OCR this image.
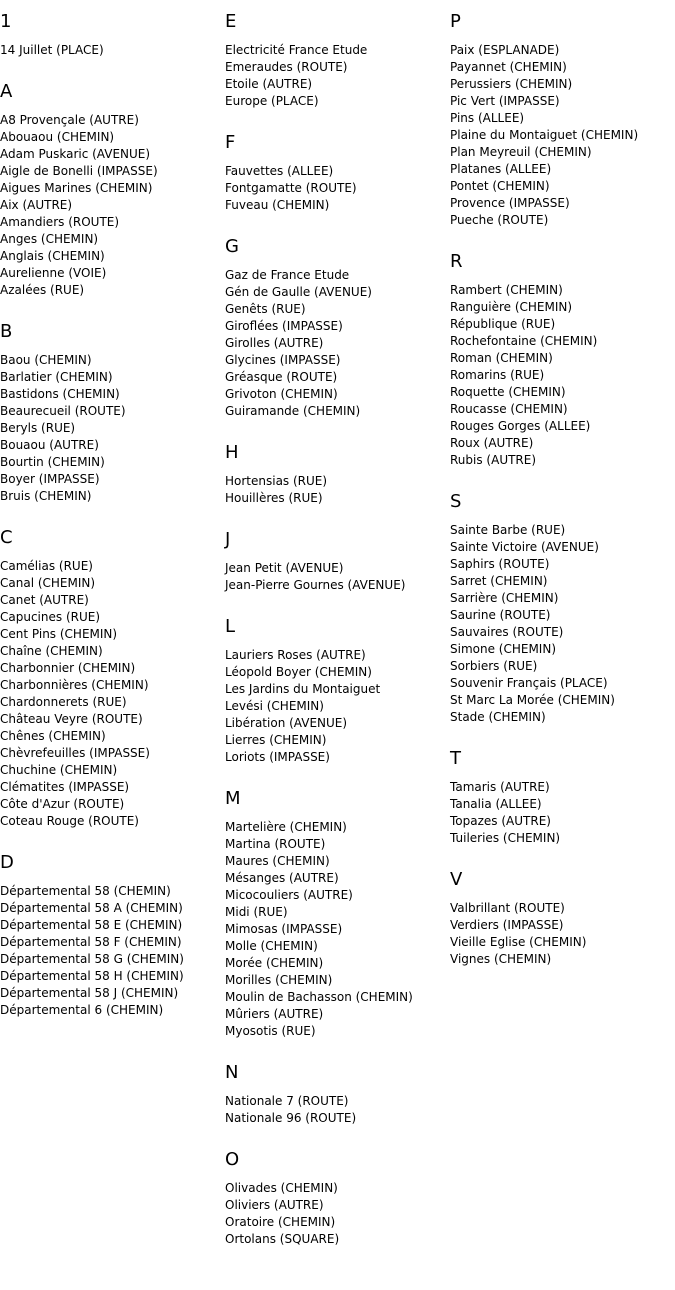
1
14 Juillet (PLACE)
A
A8 Provençale (AUTRE)
Abouaou (CHEMIN)
Adam Puskaric (AVENUE)
Aigle de Bonelli (IMPASSE)
Aigues Marines (CHEMIN)
Aix (AUTRE)
Amandiers (ROUTE)
Anges (CHEMIN)
Anglais (CHEMIN)
Aurelienne (VOIE)
Azalées (RUE)
B
Baou (CHEMIN)
Barlatier (CHEMIN)
Bastidons (CHEMIN)
Beaurecueil (ROUTE)
Beryls (RUE)
Bouaou (AUTRE)
Bourtin (CHEMIN)
Boyer (IMPASSE)
Bruis (CHEMIN)
C
Camélias (RUE)
Canal (CHEMIN)
Canet (AUTRE)
Capucines (RUE)
Cent Pins (CHEMIN)
Chaîne (CHEMIN)
Charbonnier (CHEMIN)
Charbonnières (CHEMIN)
Chardonnerets (RUE)
Château Veyre (ROUTE)
Chênes (CHEMIN)
Chèvrefeuilles (IMPASSE)
Chuchine (CHEMIN)
Clématites (IMPASSE)
Côte d'Azur (ROUTE)
Coteau Rouge (ROUTE)
D
Départemental 58 (CHEMIN)
Départemental 58 A (CHEMIN)
Départemental 58 E (CHEMIN)
Départemental 58 F (CHEMIN)
Départemental 58 G (CHEMIN)
Départemental 58 H (CHEMIN)
Départemental 58 J (CHEMIN)
Départemental 6 (CHEMIN)
E
Electricité France Etude
Emeraudes (ROUTE)
Etoile (AUTRE)
Europe (PLACE)
F
Fauvettes (ALLEE)
Fontgamatte (ROUTE)
Fuveau (CHEMIN)
G
Gaz de France Etude
Gén de Gaulle (AVENUE)
Genêts (RUE)
Giroflées (IMPASSE)
Girolles (AUTRE)
Glycines (IMPASSE)
Gréasque (ROUTE)
Grivoton (CHEMIN)
Guiramande (CHEMIN)
H
Hortensias (RUE)
Houillères (RUE)
J
Jean Petit (AVENUE)
Jean-Pierre Gournes (AVENUE)
L
Lauriers Roses (AUTRE)
Léopold Boyer (CHEMIN)
Les Jardins du Montaiguet
Levési (CHEMIN)
Libération (AVENUE)
Lierres (CHEMIN)
Loriots (IMPASSE)
M
Martelière (CHEMIN)
Martina (ROUTE)
Maures (CHEMIN)
Mésanges (AUTRE)
Micocouliers (AUTRE)
Midi (RUE)
Mimosas (IMPASSE)
Molle (CHEMIN)
Morée (CHEMIN)
Morilles (CHEMIN)
Moulin de Bachasson (CHEMIN)
Mûriers (AUTRE)
Myosotis (RUE)
N
Nationale 7 (ROUTE)
Nationale 96 (ROUTE)
O
Olivades (CHEMIN)
Oliviers (AUTRE)
Oratoire (CHEMIN)
Ortolans (SQUARE)
P
Paix (ESPLANADE)
Payannet (CHEMIN)
Perussiers (CHEMIN)
Pic Vert (IMPASSE)
Pins (ALLEE)
Plaine du Montaiguet (CHEMIN)
Plan Meyreuil (CHEMIN)
Platanes (ALLEE)
Pontet (CHEMIN)
Provence (IMPASSE)
Pueche (ROUTE)
R
Rambert (CHEMIN)
Ranguière (CHEMIN)
République (RUE)
Rochefontaine (CHEMIN)
Roman (CHEMIN)
Romarins (RUE)
Roquette (CHEMIN)
Roucasse (CHEMIN)
Rouges Gorges (ALLEE)
Roux (AUTRE)
Rubis (AUTRE)
S
Sainte Barbe (RUE)
Sainte Victoire (AVENUE)
Saphirs (ROUTE)
Sarret (CHEMIN)
Sarrière (CHEMIN)
Saurine (ROUTE)
Sauvaires (ROUTE)
Simone (CHEMIN)
Sorbiers (RUE)
Souvenir Français (PLACE)
St Marc La Morée (CHEMIN)
Stade (CHEMIN)
T
Tamaris (AUTRE)
Tanalia (ALLEE)
Topazes (AUTRE)
Tuileries (CHEMIN)
V
Valbrillant (ROUTE)
Verdiers (IMPASSE)
Vieille Eglise (CHEMIN)
Vignes (CHEMIN)
